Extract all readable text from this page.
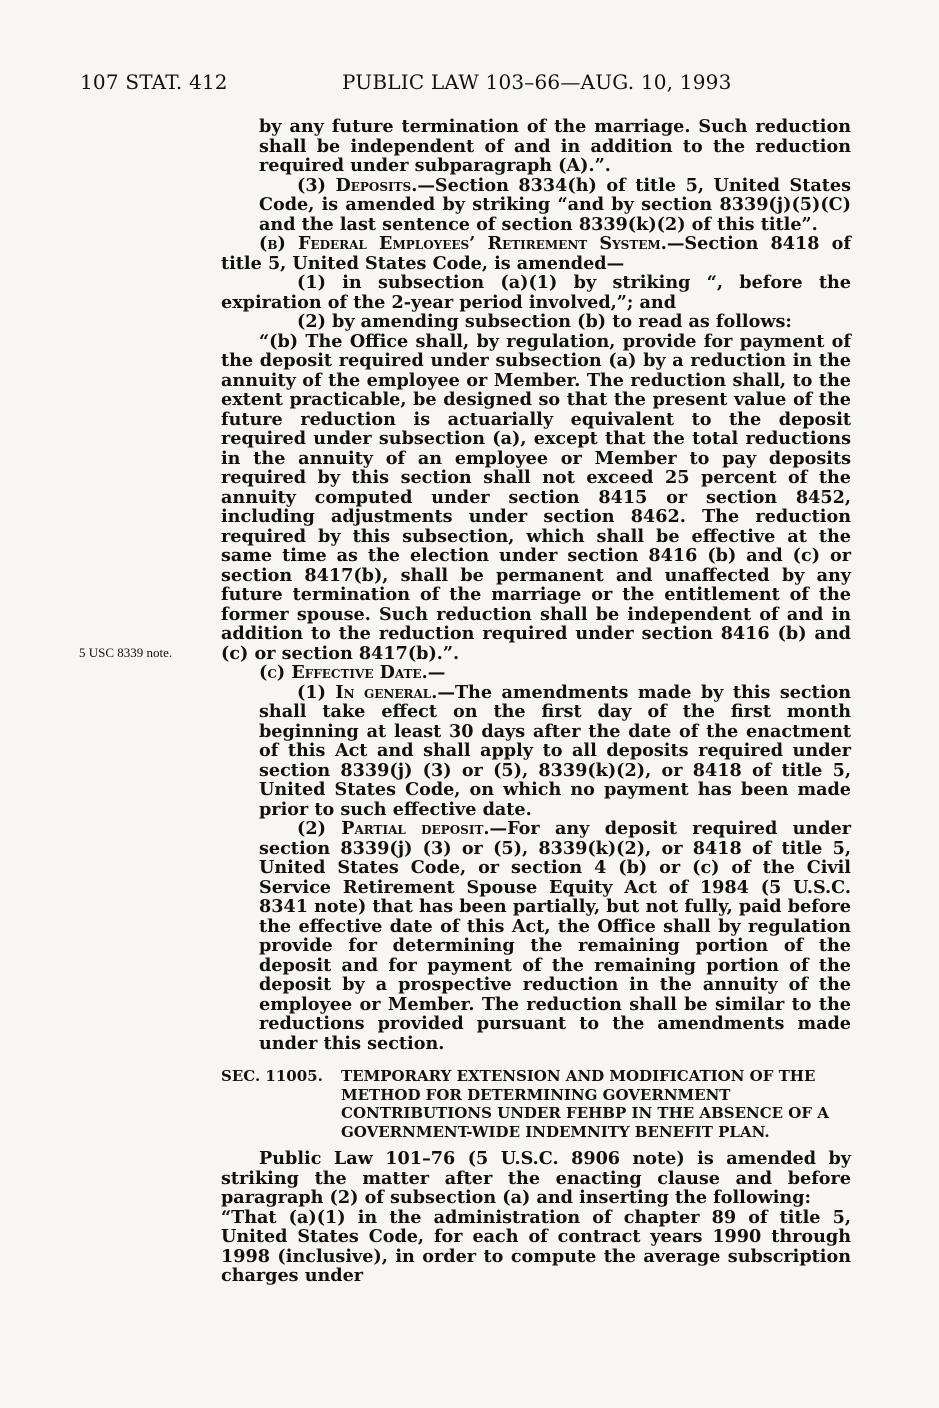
107 STAT. 412	PUBLIC LAW 103–66—AUG. 10, 1993
5 USC 8339 note.

by any future termination of the marriage. Such reduction shall be independent of and in addition to the reduction required under subparagraph (A).”.

(3) Deposits.—Section 8334(h) of title 5, United States Code, is amended by striking “and by section 8339(j)(5)(C) and the last sentence of section 8339(k)(2) of this title”.

(b) Federal Employees’ Retirement System.—Section 8418 of title 5, United States Code, is amended—

(1) in subsection (a)(1) by striking “, before the expiration of the 2-year period involved,”; and

(2) by amending subsection (b) to read as follows:

“(b) The Office shall, by regulation, provide for payment of the deposit required under subsection (a) by a reduction in the annuity of the employee or Member. The reduction shall, to the extent practicable, be designed so that the present value of the future reduction is actuarially equivalent to the deposit required under subsection (a), except that the total reductions in the annuity of an employee or Member to pay deposits required by this section shall not exceed 25 percent of the annuity computed under section 8415 or section 8452, including adjustments under section 8462. The reduction required by this subsection, which shall be effective at the same time as the election under section 8416 (b) and (c) or section 8417(b), shall be permanent and unaffected by any future termination of the marriage or the entitlement of the former spouse. Such reduction shall be independent of and in addition to the reduction required under section 8416 (b) and (c) or section 8417(b).”.

(c) Effective Date.—

(1) In general.—The amendments made by this section shall take effect on the first day of the first month beginning at least 30 days after the date of the enactment of this Act and shall apply to all deposits required under section 8339(j) (3) or (5), 8339(k)(2), or 8418 of title 5, United States Code, on which no payment has been made prior to such effective date.

(2) Partial deposit.—For any deposit required under section 8339(j) (3) or (5), 8339(k)(2), or 8418 of title 5, United States Code, or section 4 (b) or (c) of the Civil Service Retirement Spouse Equity Act of 1984 (5 U.S.C. 8341 note) that has been partially, but not fully, paid before the effective date of this Act, the Office shall by regulation provide for determining the remaining portion of the deposit and for payment of the remaining portion of the deposit by a prospective reduction in the annuity of the employee or Member. The reduction shall be similar to the reductions provided pursuant to the amendments made under this section.

SEC. 11005. TEMPORARY EXTENSION AND MODIFICATION OF THE
METHOD FOR DETERMINING GOVERNMENT CONTRIBUTIONS UNDER FEHBP IN THE ABSENCE OF A GOVERNMENT-WIDE INDEMNITY BENEFIT PLAN.

Public Law 101–76 (5 U.S.C. 8906 note) is amended by striking the matter after the enacting clause and before paragraph (2) of subsection (a) and inserting the following:

“That (a)(1) in the administration of chapter 89 of title 5, United States Code, for each of contract years 1990 through 1998 (inclusive), in order to compute the average subscription charges under
